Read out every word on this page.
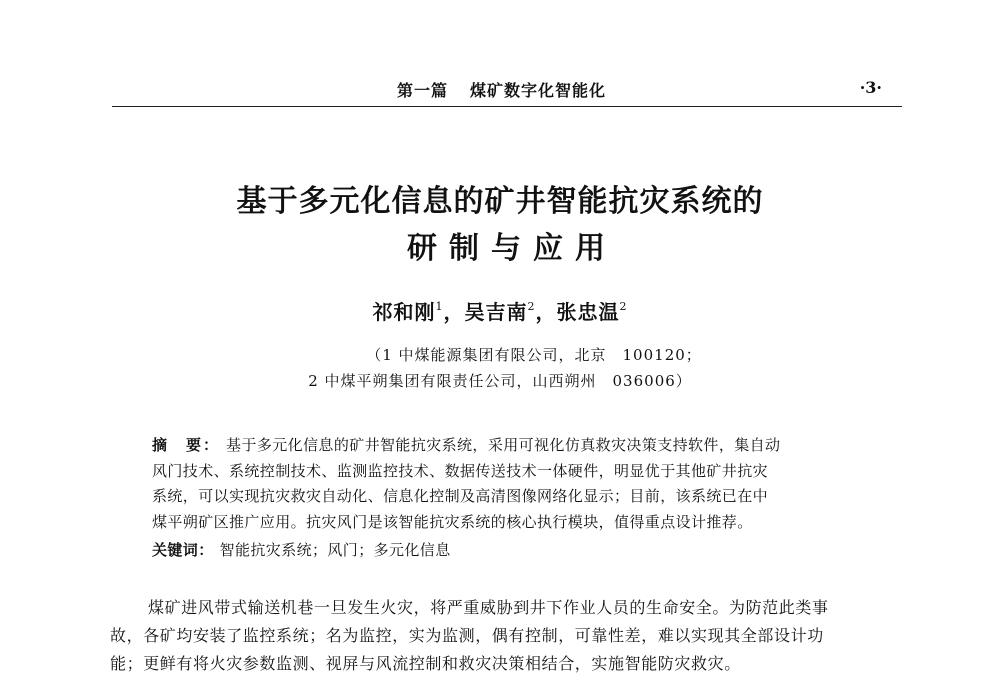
第一篇 煤矿数字化智能化	·3·
基于多元化信息的矿井智能抗灾系统的
研制与应用
祁和刚$^1$，吴吉南$^2$，张忠温$^2$
（1 中煤能源集团有限公司，北京　100120；
2 中煤平朔集团有限责任公司，山西朔州　036006）
摘　要： 基于多元化信息的矿井智能抗灾系统，采用可视化仿真救灾决策支持软件，集自动
风门技术、系统控制技术、监测监控技术、数据传送技术一体硬件，明显优于其他矿井抗灾
系统，可以实现抗灾救灾自动化、信息化控制及高清图像网络化显示；目前，该系统已在中
煤平朔矿区推广应用。抗灾风门是该智能抗灾系统的核心执行模块，值得重点设计推荐。
关键词： 智能抗灾系统；风门；多元化信息
煤矿进风带式输送机巷一旦发生火灾，将严重威胁到井下作业人员的生命安全。为防范此类事
故，各矿均安装了监控系统；名为监控，实为监测，偶有控制，可靠性差，难以实现其全部设计功
能；更鲜有将火灾参数监测、视屏与风流控制和救灾决策相结合，实施智能防灾救灾。
